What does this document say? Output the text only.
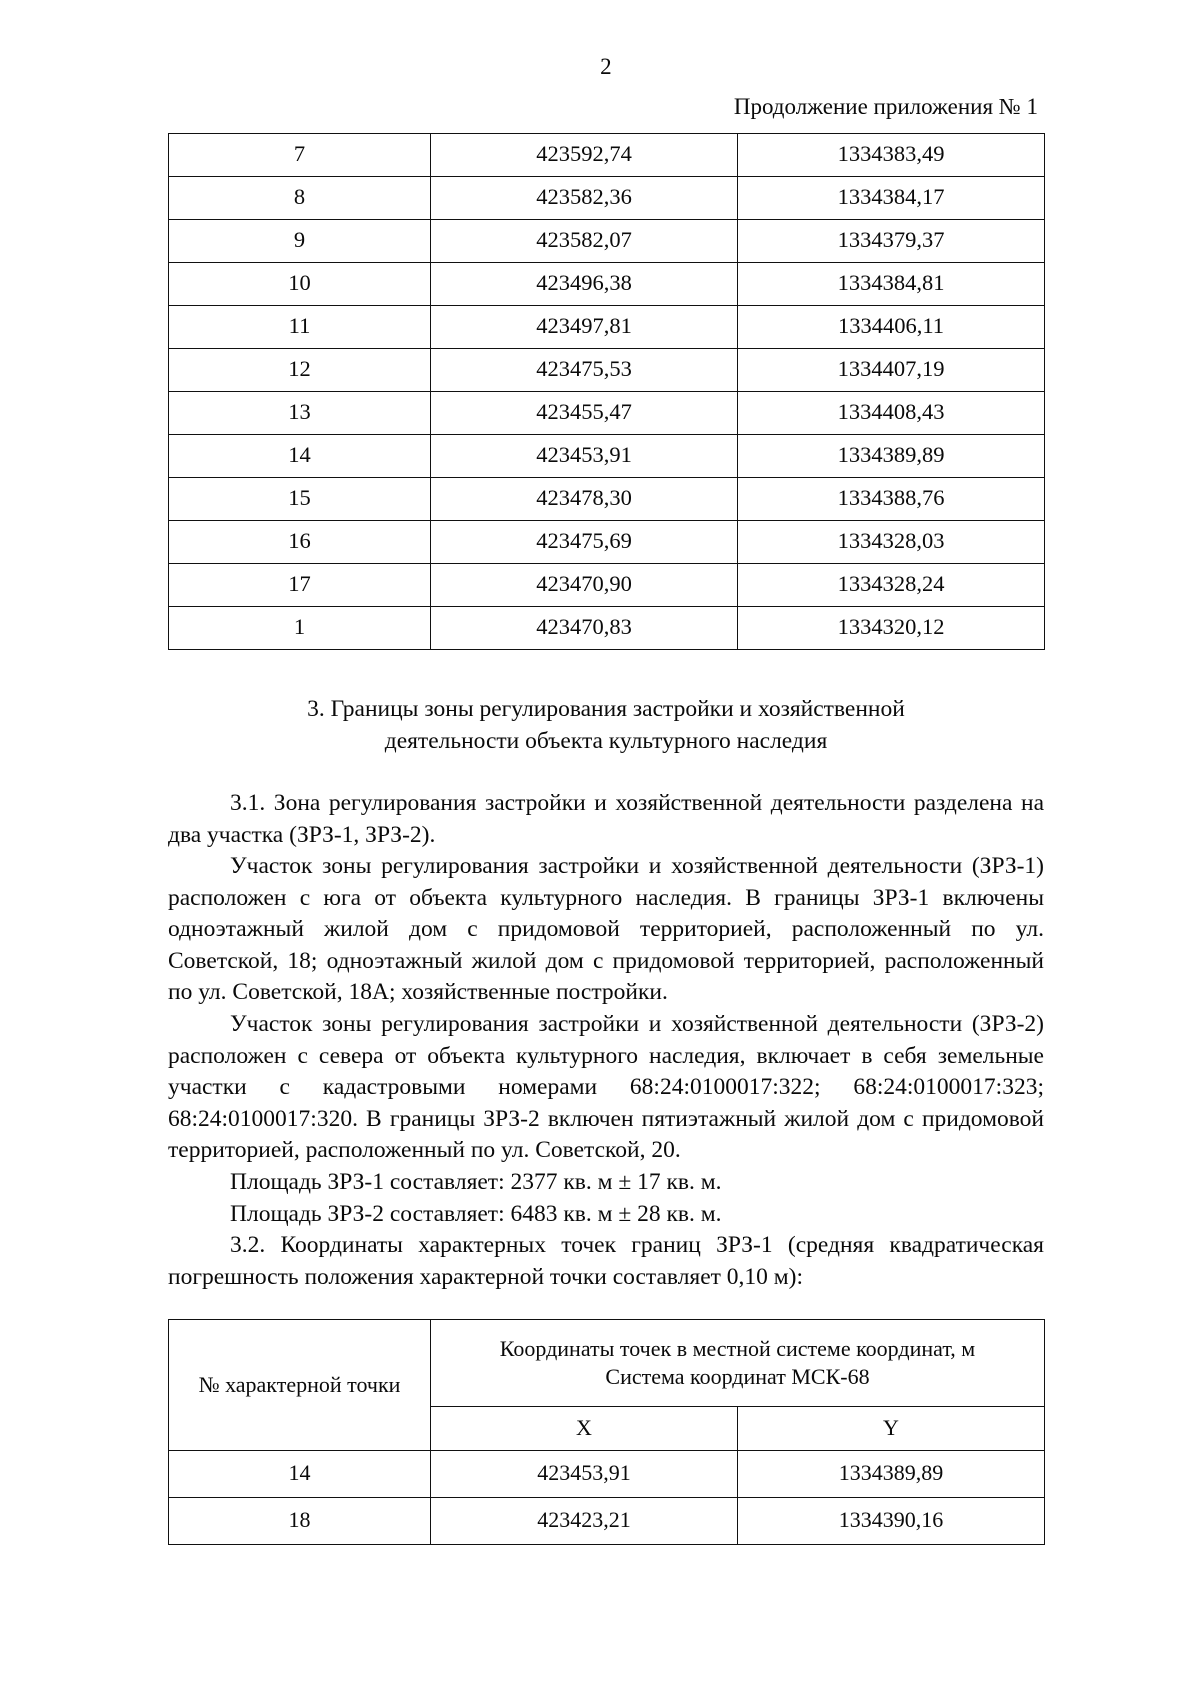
2
Продолжение приложения № 1
7	423592,74	1334383,49
8	423582,36	1334384,17
9	423582,07	1334379,37
10	423496,38	1334384,81
11	423497,81	1334406,11
12	423475,53	1334407,19
13	423455,47	1334408,43
14	423453,91	1334389,89
15	423478,30	1334388,76
16	423475,69	1334328,03
17	423470,90	1334328,24
1	423470,83	1334320,12
3. Границы зоны регулирования застройки и хозяйственной
деятельности объекта культурного наследия

3.1. Зона регулирования застройки и хозяйственной деятельности разделена на два участка (ЗРЗ-1, ЗРЗ-2).

Участок зоны регулирования застройки и хозяйственной деятельности (ЗРЗ-1) расположен с юга от объекта культурного наследия. В границы ЗРЗ-1 включены одноэтажный жилой дом с придомовой территорией, расположенный по ул. Советской, 18; одноэтажный жилой дом с придомовой территорией, расположенный по ул. Советской, 18А; хозяйственные постройки.

Участок зоны регулирования застройки и хозяйственной деятельности (ЗРЗ-2) расположен с севера от объекта культурного наследия, включает в себя земельные участки с кадастровыми номерами 68:24:0100017:322; 68:24:0100017:323; 68:24:0100017:320. В границы ЗРЗ-2 включен пятиэтажный жилой дом с придомовой территорией, расположенный по ул. Советской, 20.

Площадь ЗРЗ-1 составляет: 2377 кв. м ± 17 кв. м.

Площадь ЗРЗ-2 составляет: 6483 кв. м ± 28 кв. м.

3.2. Координаты характерных точек границ ЗРЗ-1 (средняя квадратическая погрешность положения характерной точки составляет 0,10 м):

№ характерной точки	Координаты точек в местной системе координат, м
Система координат МСК-68	
	X	Y
14	423453,91	1334389,89
18	423423,21	1334390,16
